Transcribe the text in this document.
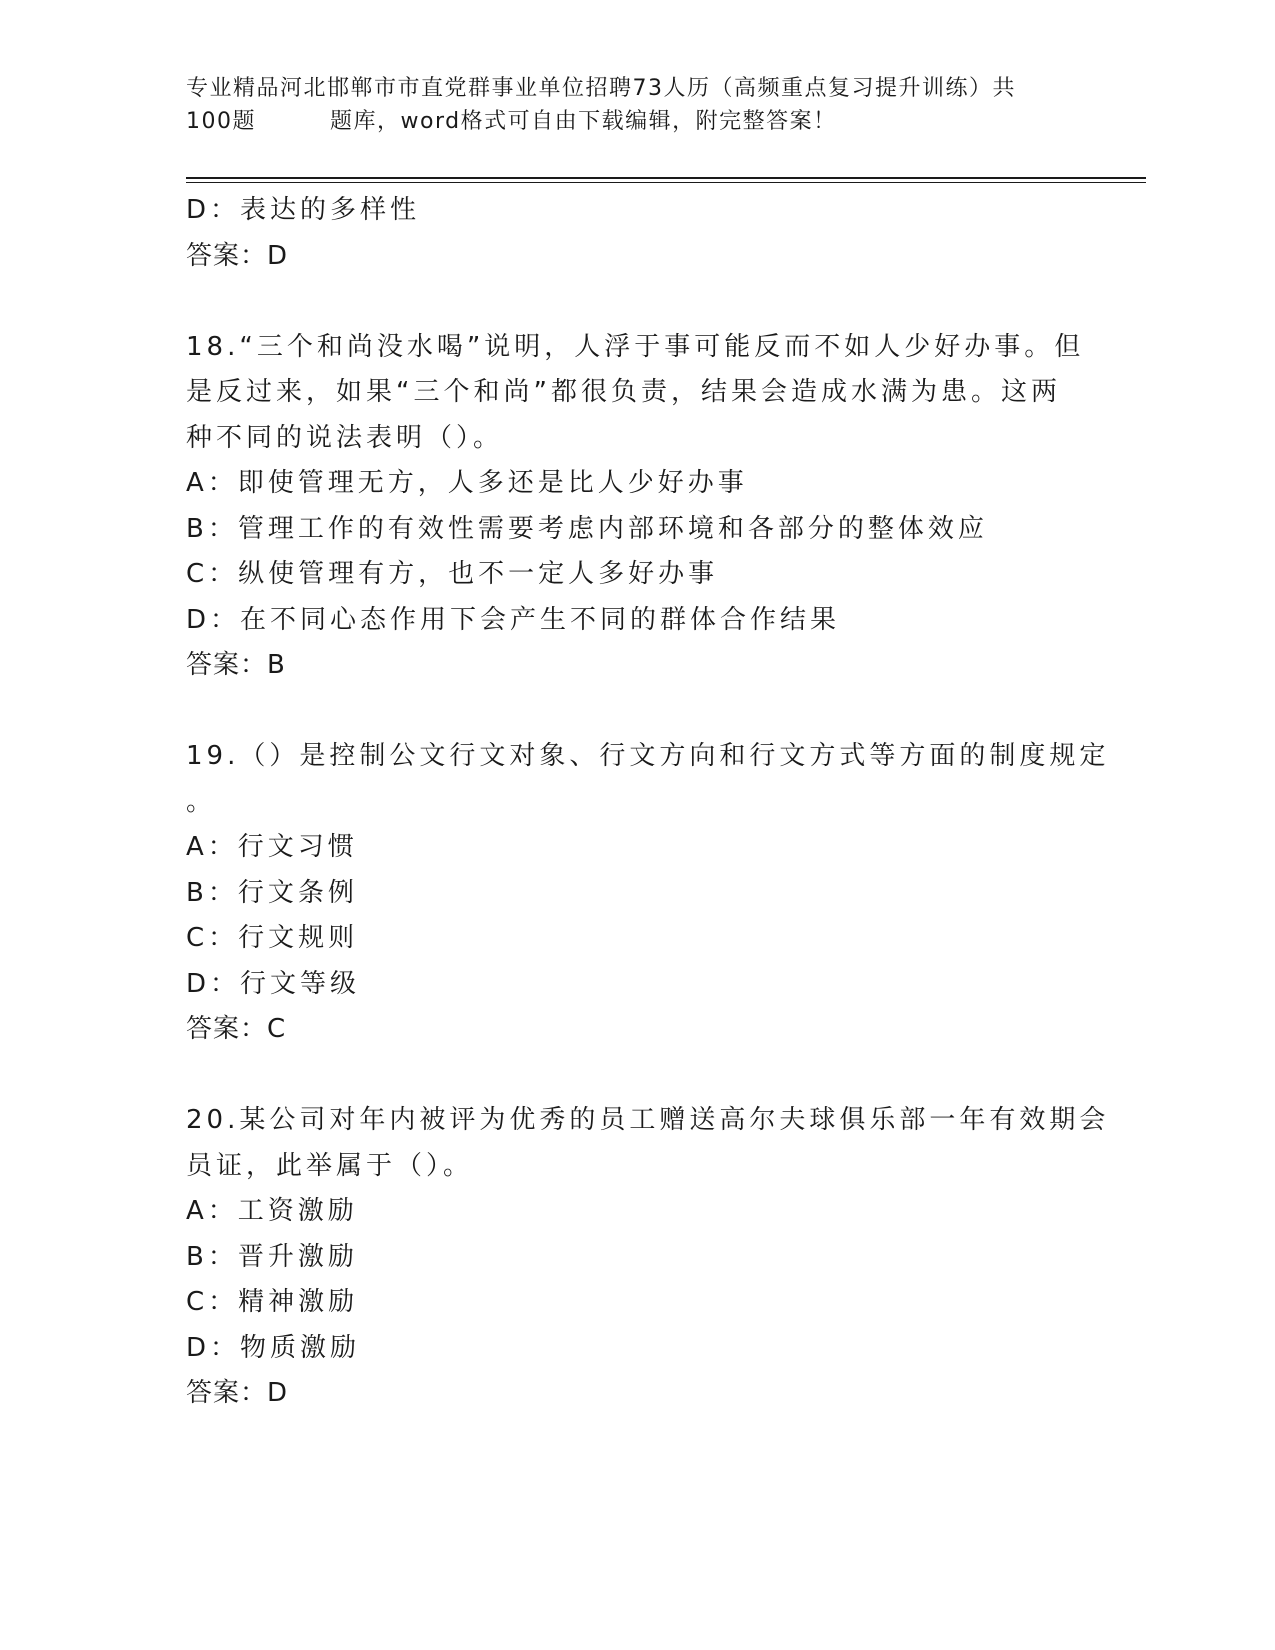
专业精品河北邯郸市市直党群事业单位招聘73人历（高频重点复习提升训练）共
100题	题库，word格式可自由下载编辑，附完整答案！
D：表达的多样性
答案：D
18.“三个和尚没水喝”说明，人浮于事可能反而不如人少好办事。但
是反过来，如果“三个和尚”都很负责，结果会造成水满为患。这两
种不同的说法表明（）。
A：即使管理无方，人多还是比人少好办事
B：管理工作的有效性需要考虑内部环境和各部分的整体效应
C：纵使管理有方，也不一定人多好办事
D：在不同心态作用下会产生不同的群体合作结果
答案：B
19.（）是控制公文行文对象、行文方向和行文方式等方面的制度规定
。
A：行文习惯
B：行文条例
C：行文规则
D：行文等级
答案：C
20.某公司对年内被评为优秀的员工赠送高尔夫球俱乐部一年有效期会
员证，此举属于（）。
A：工资激励
B：晋升激励
C：精神激励
D：物质激励
答案：D
